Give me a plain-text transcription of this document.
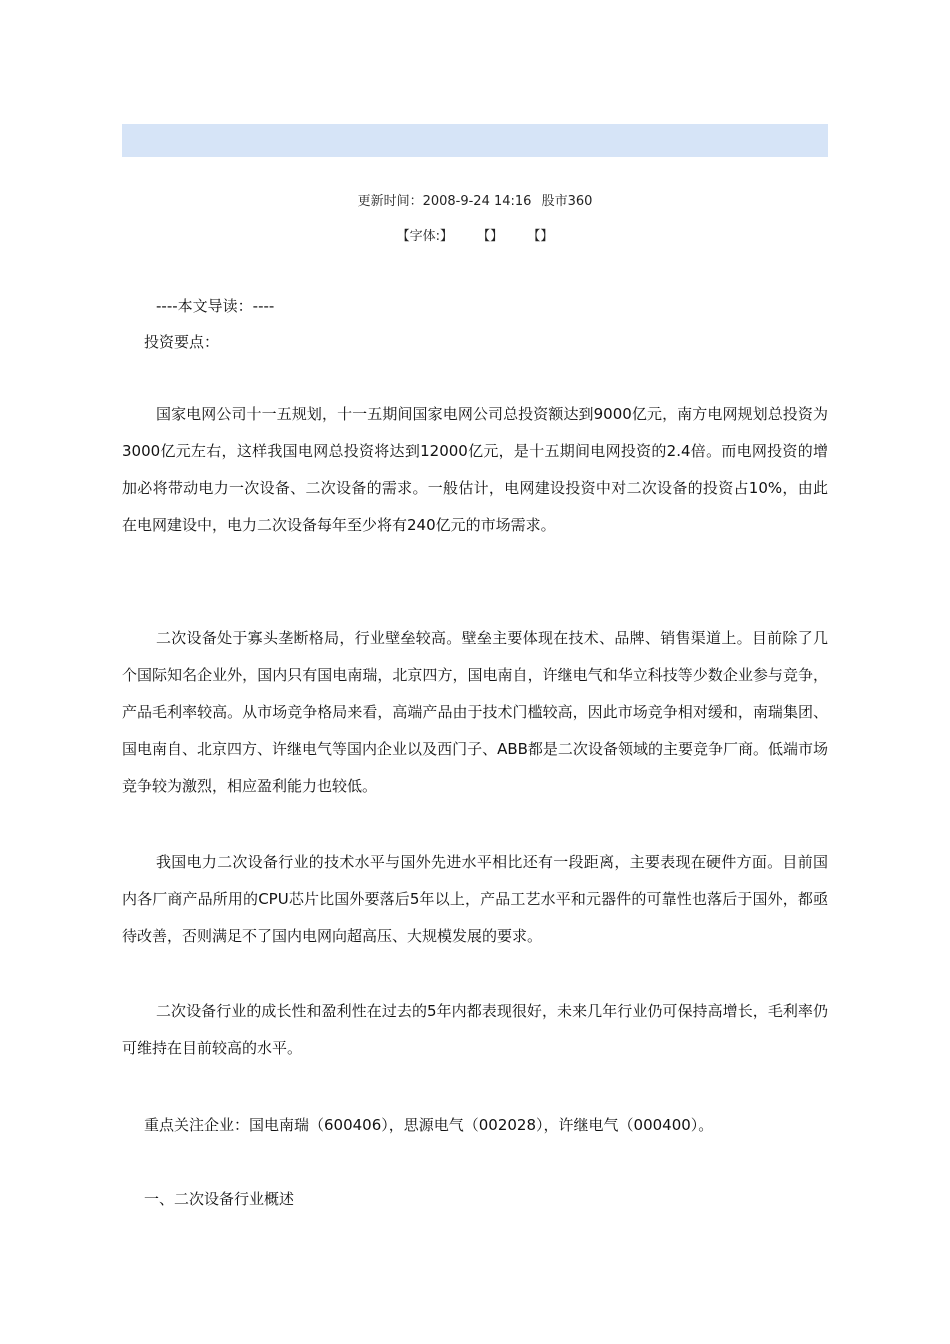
更新时间：2008-9-24 14:16 股市360
【字体:】 【】 【】
----本文导读：----
投资要点：

国家电网公司十一五规划，十一五期间国家电网公司总投资额达到9000亿元，南方电网规划总投资为3000亿元左右，这样我国电网总投资将达到12000亿元，是十五期间电网投资的2.4倍。而电网投资的增加必将带动电力一次设备、二次设备的需求。一般估计，电网建设投资中对二次设备的投资占10%，由此在电网建设中，电力二次设备每年至少将有240亿元的市场需求。

二次设备处于寡头垄断格局，行业壁垒较高。壁垒主要体现在技术、品牌、销售渠道上。目前除了几个国际知名企业外，国内只有国电南瑞，北京四方，国电南自，许继电气和华立科技等少数企业参与竞争，产品毛利率较高。从市场竞争格局来看，高端产品由于技术门槛较高，因此市场竞争相对缓和，南瑞集团、国电南自、北京四方、许继电气等国内企业以及西门子、ABB都是二次设备领域的主要竞争厂商。低端市场竞争较为激烈，相应盈利能力也较低。

我国电力二次设备行业的技术水平与国外先进水平相比还有一段距离，主要表现在硬件方面。目前国内各厂商产品所用的CPU芯片比国外要落后5年以上，产品工艺水平和元器件的可靠性也落后于国外，都亟待改善，否则满足不了国内电网向超高压、大规模发展的要求。

二次设备行业的成长性和盈利性在过去的5年内都表现很好，未来几年行业仍可保持高增长，毛利率仍可维持在目前较高的水平。

重点关注企业：国电南瑞（600406），思源电气（002028），许继电气（000400）。
一、二次设备行业概述
